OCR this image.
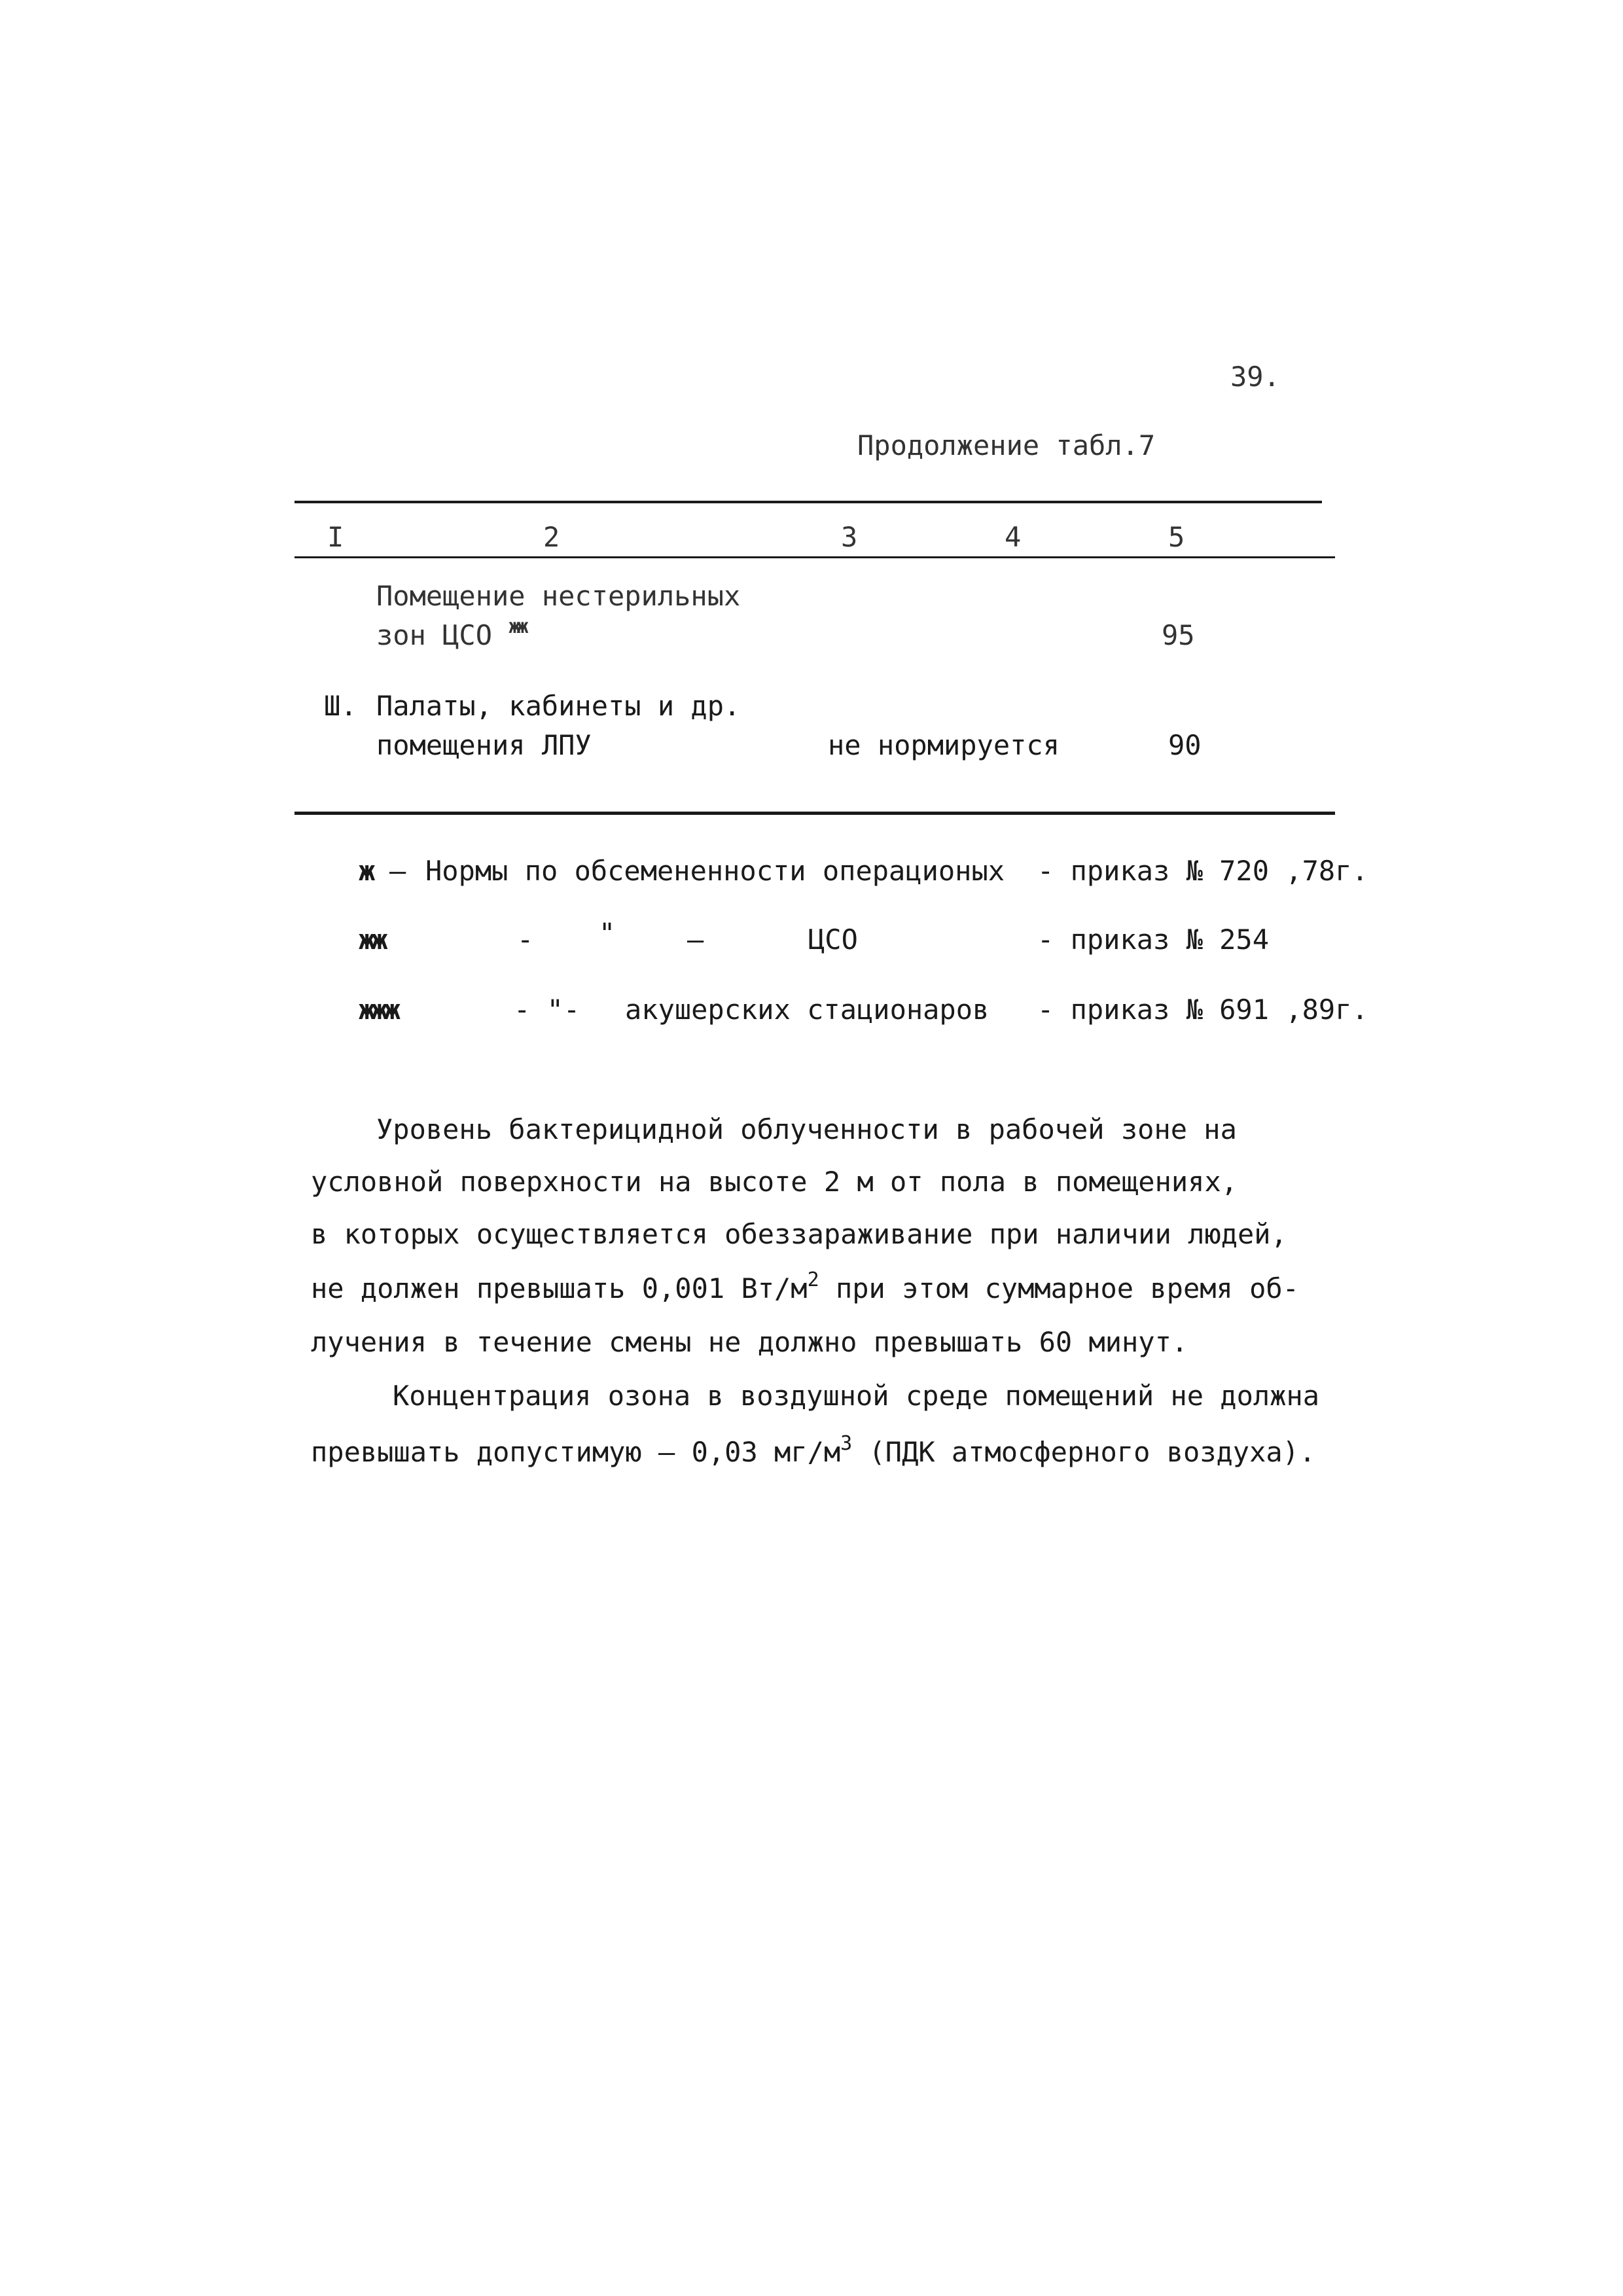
39.
Продолжение табл.7
I	2	3	4	5
Помещение нестерильных
зон ЦСО $^{жж}$	95
Ш. Палаты, кабинеты и др.
помещения ЛПУ	не нормируется	90
ж – Нормы по обсемененности операционых - приказ № 720 ,78г.
жж	- "	–	ЦСО	- приказ № 254
жжж	- "- акушерских стационаров - приказ № 691 ,89г.
Уровень бактерицидной облученности в рабочей зоне на
условной поверхности на высоте 2 м от пола в помещениях,
в которых осуществляется обеззараживание при наличии людей,
не должен превышать 0,001 $Вт/м^2$ при этом суммарное время об-
лучения в течение смены не должно превышать 60 минут.
Концентрация озона в воздушной среде помещений не должна
превышать допустимую – 0,03 $мг/м^3$ (ПДК атмосферного воздуха).
